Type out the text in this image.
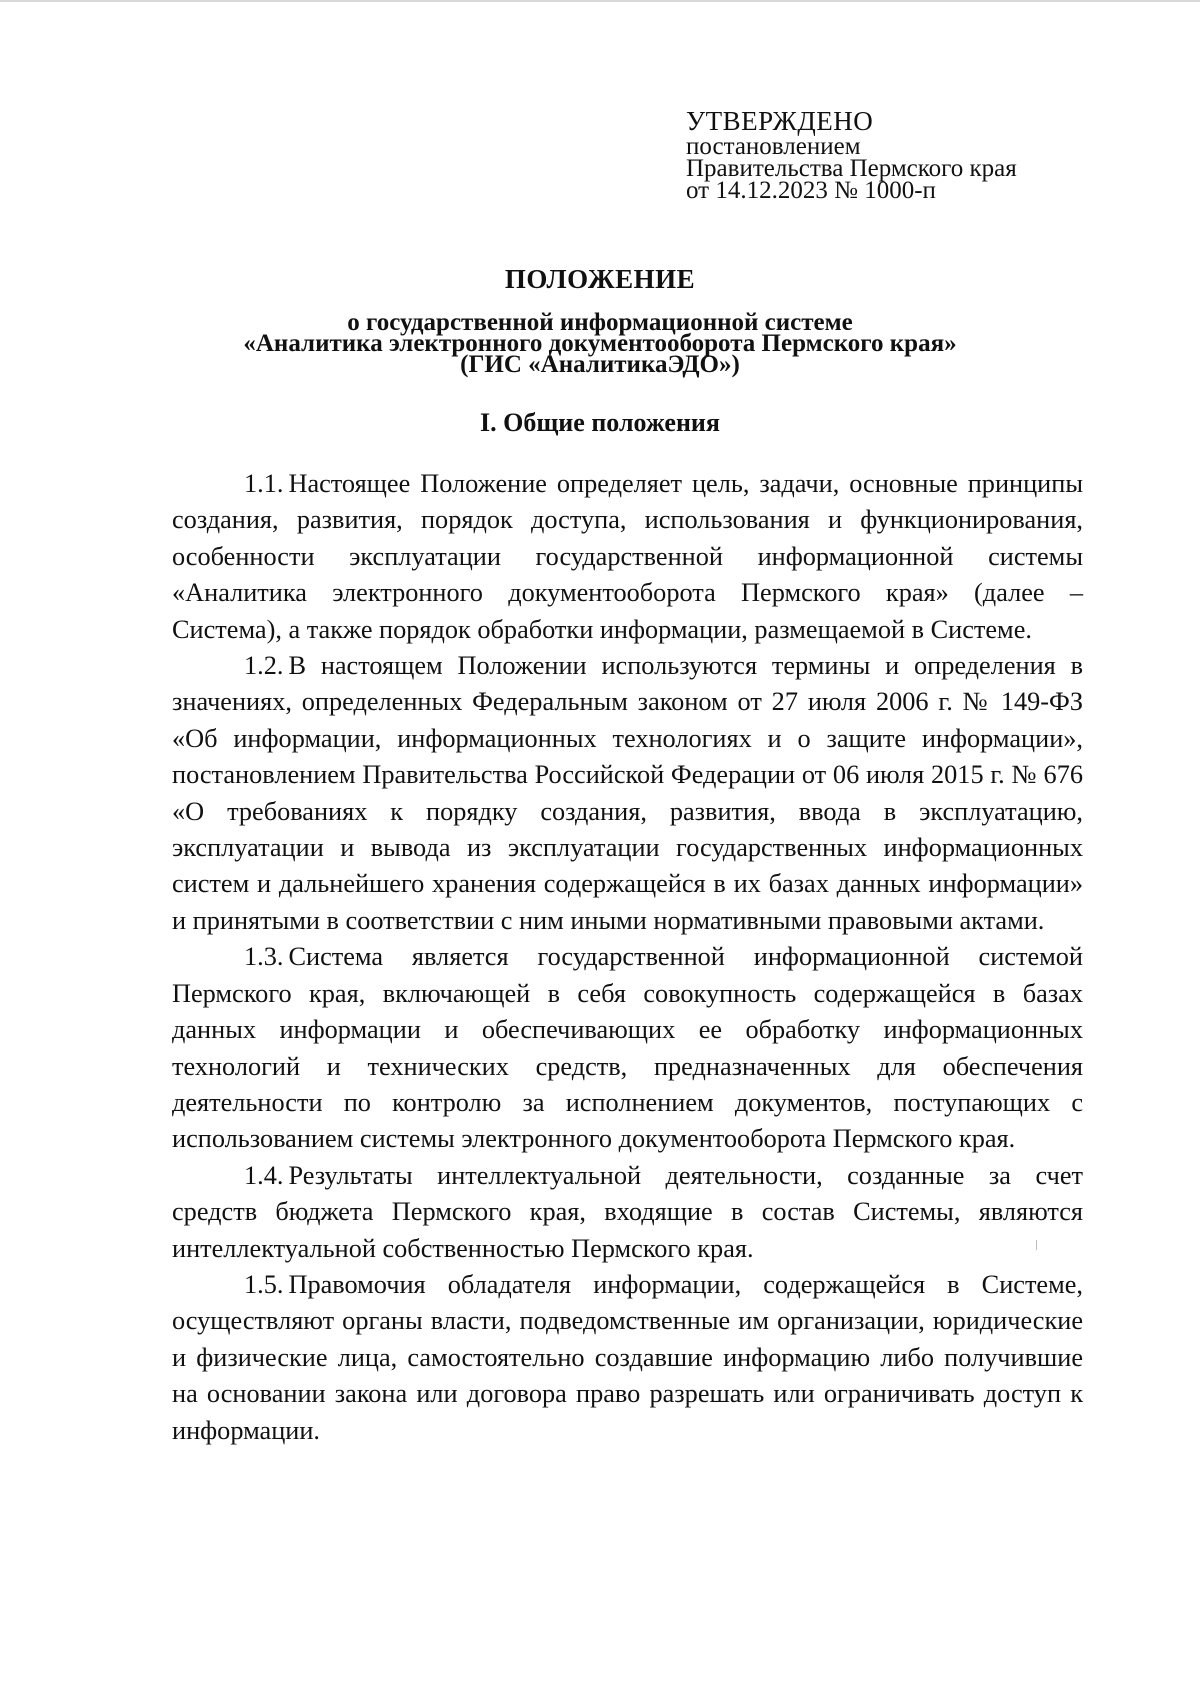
УТВЕРЖДЕНО
постановлением
Правительства Пермского края
от 14.12.2023 № 1000-п
ПОЛОЖЕНИЕ
о государственной информационной системе
«Аналитика электронного документооборота Пермского края»
(ГИС «АналитикаЭДО»)
I. Общие положения

1.1. Настоящее Положение определяет цель, задачи, основные принципы создания, развития, порядок доступа, использования и функционирования, особенности эксплуатации государственной информационной системы «Аналитика электронного документооборота Пермского края» (далее – Система), а также порядок обработки информации, размещаемой в Системе.

1.2. В настоящем Положении используются термины и определения в значениях, определенных Федеральным законом от 27 июля 2006 г. № 149-ФЗ «Об информации, информационных технологиях и о защите информации», постановлением Правительства Российской Федерации от 06 июля 2015 г. № 676 «О требованиях к порядку создания, развития, ввода в эксплуатацию, эксплуатации и вывода из эксплуатации государственных информационных систем и дальнейшего хранения содержащейся в их базах данных информации» и принятыми в соответствии с ним иными нормативными правовыми актами.

1.3. Система является государственной информационной системой Пермского края, включающей в себя совокупность содержащейся в базах данных информации и обеспечивающих ее обработку информационных технологий и технических средств, предназначенных для обеспечения деятельности по контролю за исполнением документов, поступающих с использованием системы электронного документооборота Пермского края.

1.4. Результаты интеллектуальной деятельности, созданные за счет средств бюджета Пермского края, входящие в состав Системы, являются интеллектуальной собственностью Пермского края.

1.5. Правомочия обладателя информации, содержащейся в Системе, осуществляют органы власти, подведомственные им организации, юридические и физические лица, самостоятельно создавшие информацию либо получившие на основании закона или договора право разрешать или ограничивать доступ к информации.
